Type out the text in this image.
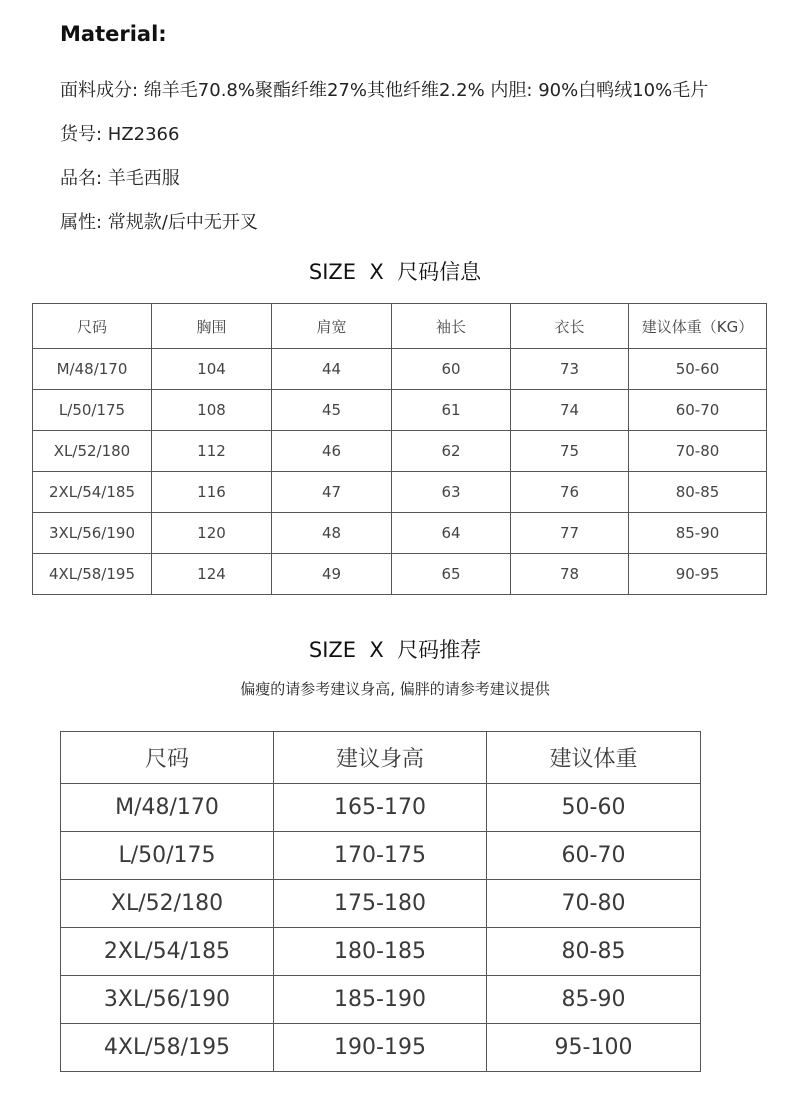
Material:
面料成分: 绵羊毛70.8%聚酯纤维27%其他纤维2.2% 内胆: 90%白鸭绒10%毛片
货号: HZ2366
品名: 羊毛西服
属性: 常规款/后中无开叉
SIZE  X  尺码信息
尺码	胸围	肩宽	袖长	衣长	建议体重（KG）
M/48/170	104	44	60	73	50-60
L/50/175	108	45	61	74	60-70
XL/52/180	112	46	62	75	70-80
2XL/54/185	116	47	63	76	80-85
3XL/56/190	120	48	64	77	85-90
4XL/58/195	124	49	65	78	90-95
SIZE  X  尺码推荐
偏瘦的请参考建议身高, 偏胖的请参考建议提供
尺码	建议身高	建议体重
M/48/170	165-170	50-60
L/50/175	170-175	60-70
XL/52/180	175-180	70-80
2XL/54/185	180-185	80-85
3XL/56/190	185-190	85-90
4XL/58/195	190-195	95-100
